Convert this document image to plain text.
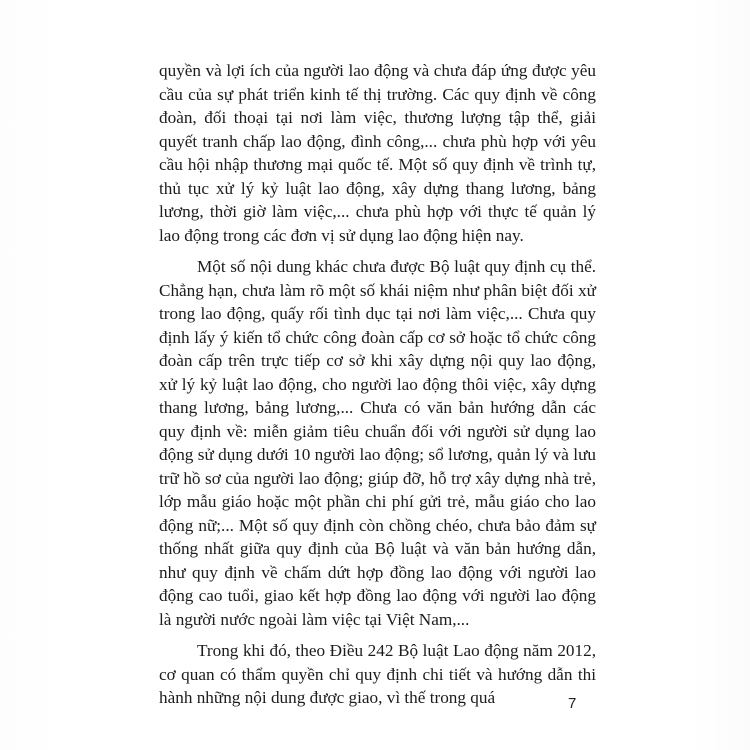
quyền và lợi ích của người lao động và chưa đáp ứng được yêu cầu của sự phát triển kinh tế thị trường. Các quy định về công đoàn, đối thoại tại nơi làm việc, thương lượng tập thể, giải quyết tranh chấp lao động, đình công,... chưa phù hợp với yêu cầu hội nhập thương mại quốc tế. Một số quy định về trình tự, thủ tục xử lý kỷ luật lao động, xây dựng thang lương, bảng lương, thời giờ làm việc,... chưa phù hợp với thực tế quản lý lao động trong các đơn vị sử dụng lao động hiện nay.

Một số nội dung khác chưa được Bộ luật quy định cụ thể. Chẳng hạn, chưa làm rõ một số khái niệm như phân biệt đối xử trong lao động, quấy rối tình dục tại nơi làm việc,... Chưa quy định lấy ý kiến tổ chức công đoàn cấp cơ sở hoặc tổ chức công đoàn cấp trên trực tiếp cơ sở khi xây dựng nội quy lao động, xử lý kỷ luật lao động, cho người lao động thôi việc, xây dựng thang lương, bảng lương,... Chưa có văn bản hướng dẫn các quy định về: miễn giảm tiêu chuẩn đối với người sử dụng lao động sử dụng dưới 10 người lao động; sổ lương, quản lý và lưu trữ hồ sơ của người lao động; giúp đỡ, hỗ trợ xây dựng nhà trẻ, lớp mẫu giáo hoặc một phần chi phí gửi trẻ, mẫu giáo cho lao động nữ;... Một số quy định còn chồng chéo, chưa bảo đảm sự thống nhất giữa quy định của Bộ luật và văn bản hướng dẫn, như quy định về chấm dứt hợp đồng lao động với người lao động cao tuổi, giao kết hợp đồng lao động với người lao động là người nước ngoài làm việc tại Việt Nam,...

Trong khi đó, theo Điều 242 Bộ luật Lao động năm 2012, cơ quan có thẩm quyền chỉ quy định chi tiết và hướng dẫn thi hành những nội dung được giao, vì thế trong quá	7
